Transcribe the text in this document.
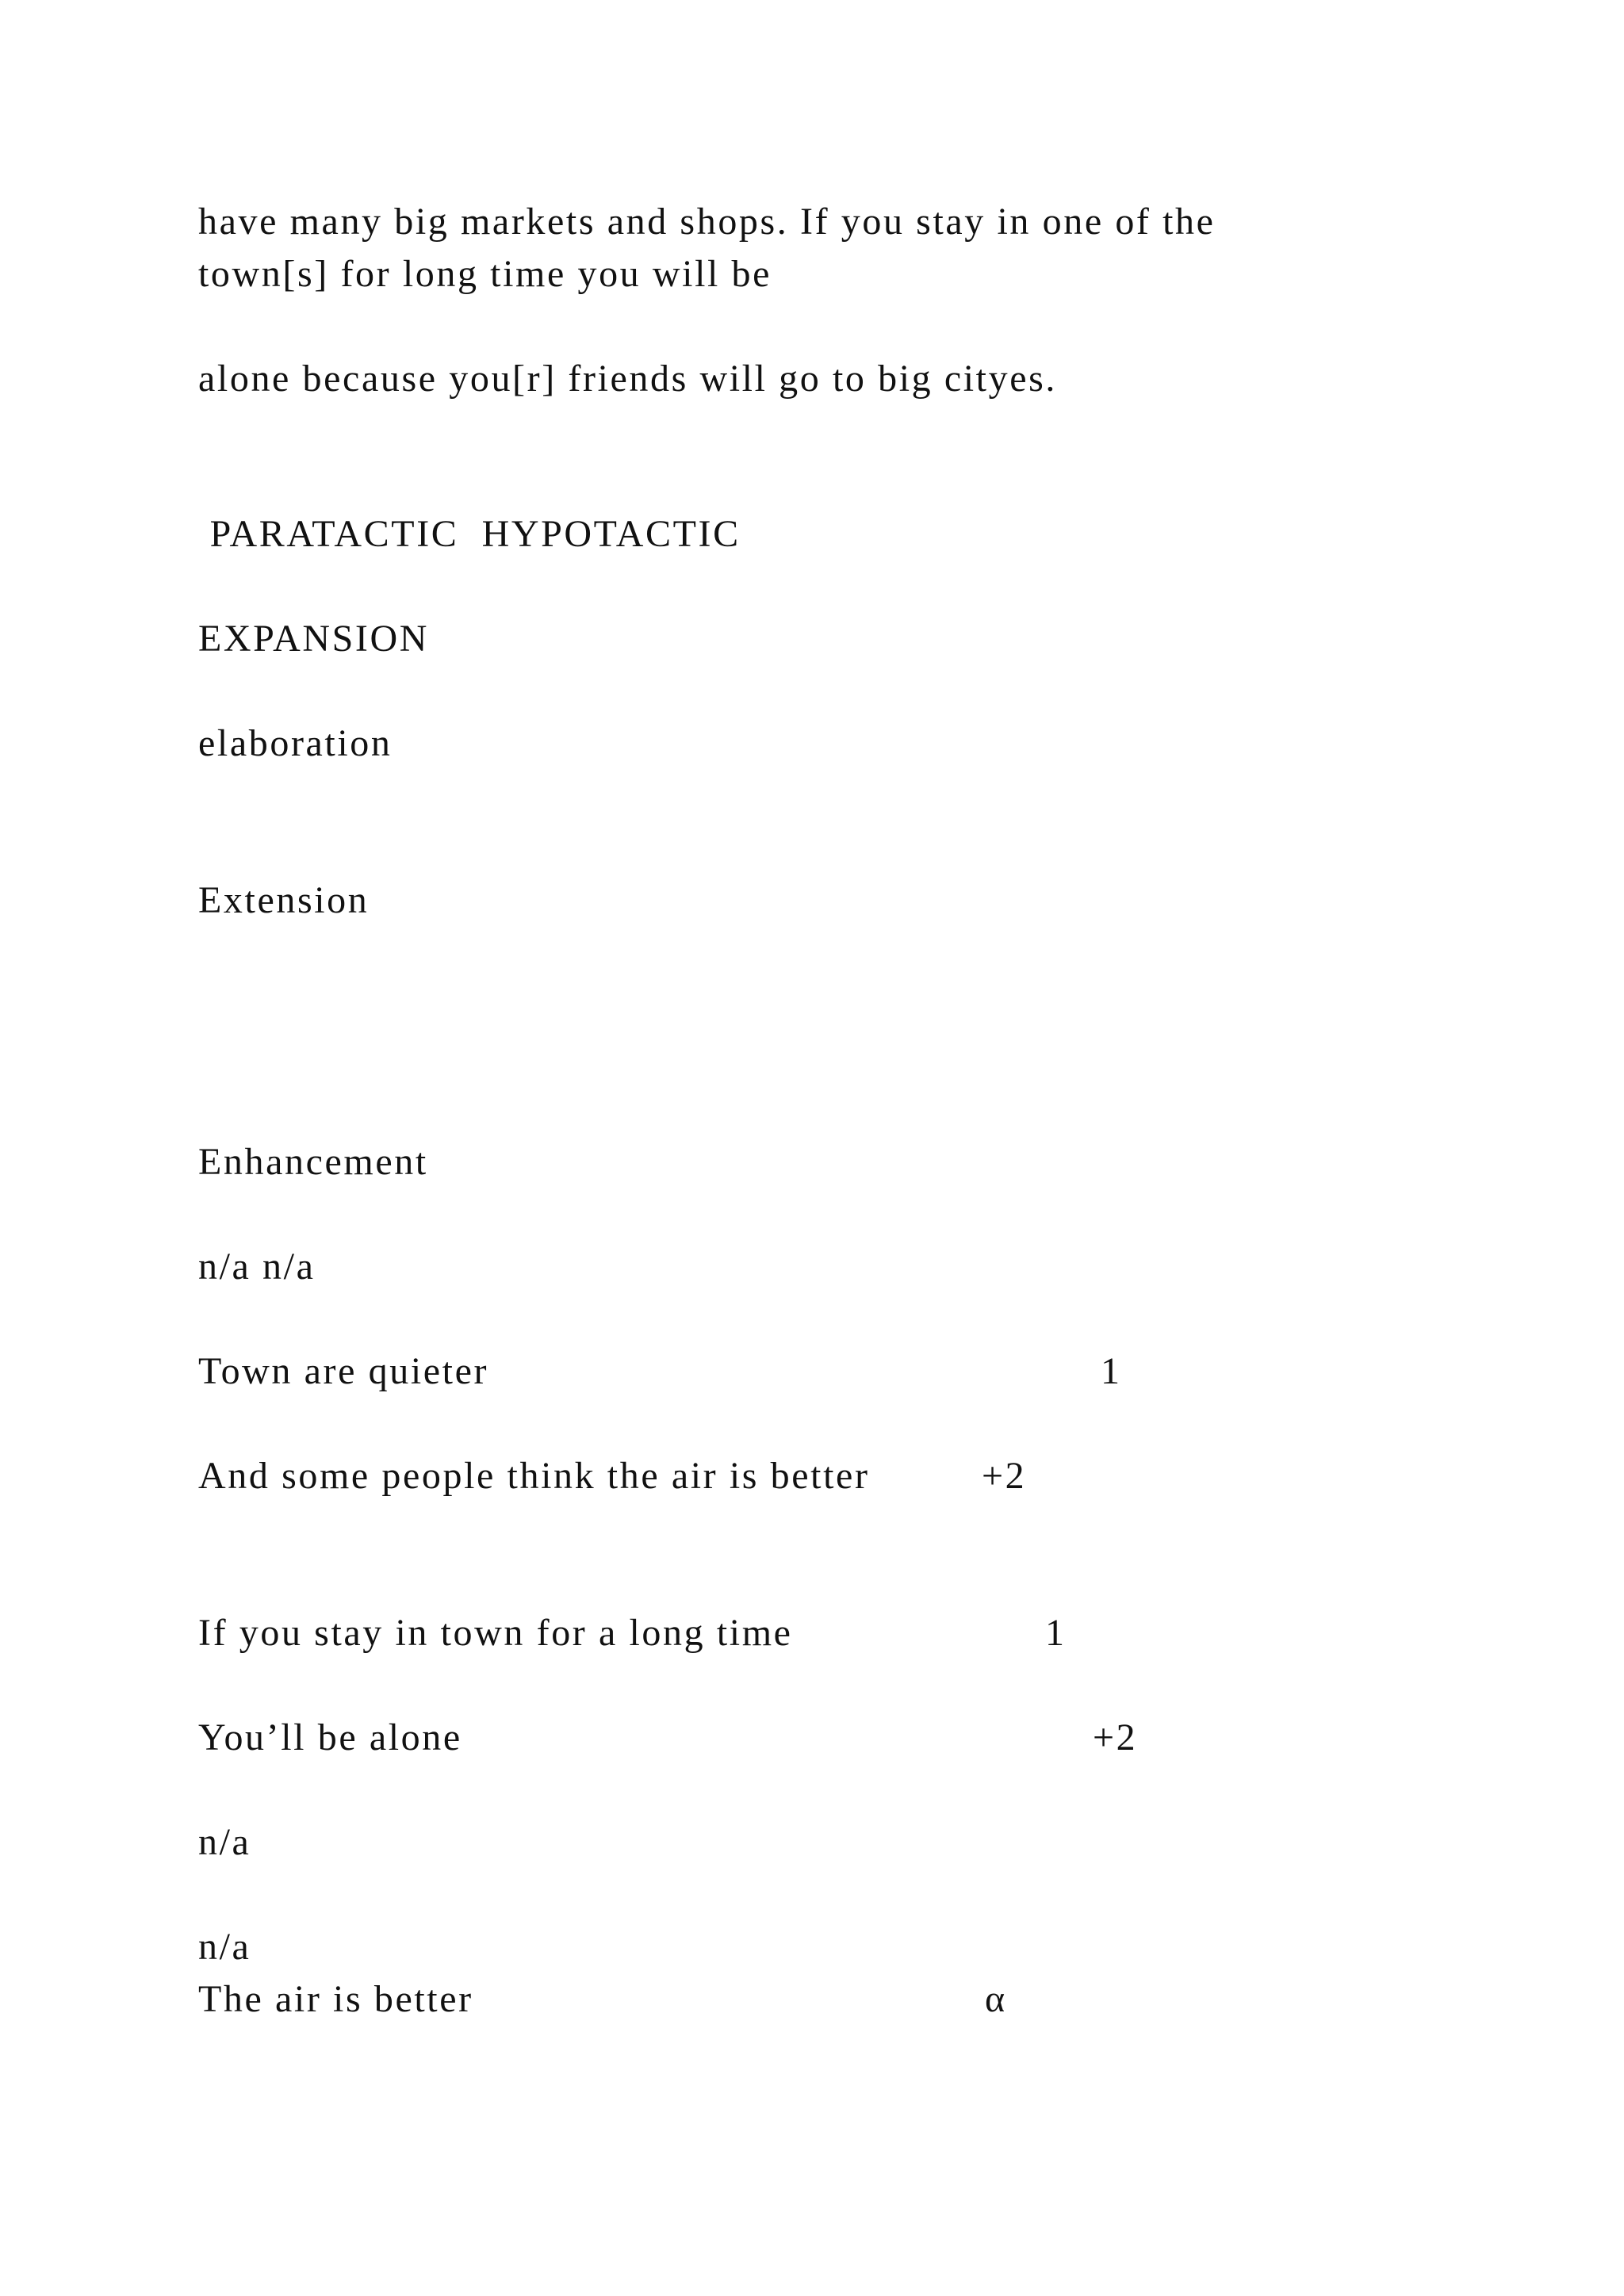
have many big markets and shops. If you stay in one of the

town[s] for long time you will be

alone because you[r] friends will go to big cityes.

PARATACTIC  HYPOTACTIC

EXPANSION

elaboration

Extension

Enhancement

n/a n/a

Town are quieter	1

And some people think the air is better	+2

If you stay in town for a long time	1

You’ll be alone	+2

n/a

n/a

The air is better	α
